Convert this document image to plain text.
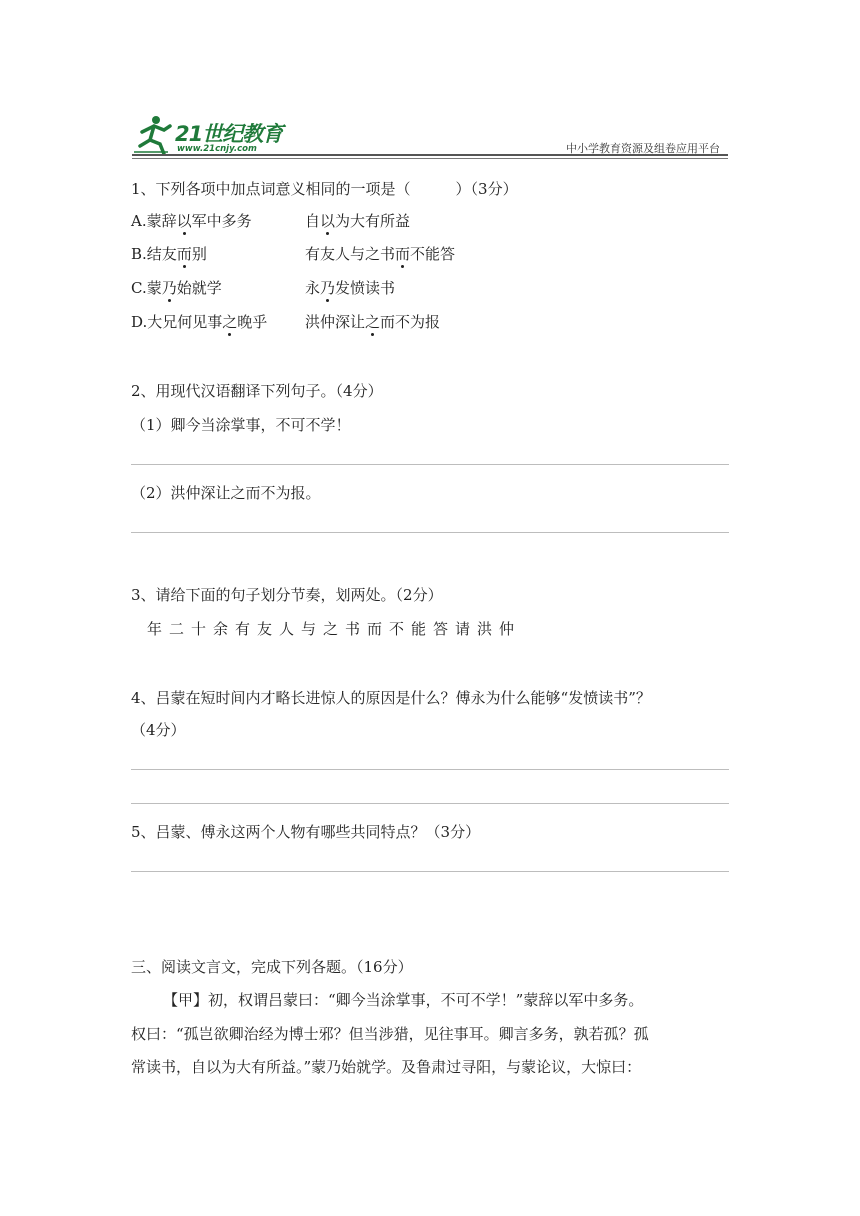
21世纪教育
www.21cnjy.com	中小学教育资源及组卷应用平台
1、下列各项中加点词意义相同的一项是（　　　）（3分）
A.蒙辞以军中多务	自以为大有所益
B.结友而别	有友人与之书而不能答
C.蒙乃始就学	永乃发愤读书
D.大兄何见事之晚乎	洪仲深让之而不为报
2、用现代汉语翻译下列句子。（4分）
（1）卿今当涂掌事，不可不学！
（2）洪仲深让之而不为报。
3、请给下面的句子划分节奏，划两处。（2分）
年二十余有友人与之书而不能答请洪仲
4、吕蒙在短时间内才略长进惊人的原因是什么？傅永为什么能够“发愤读书”？
（4分）
5、吕蒙、傅永这两个人物有哪些共同特点？（3分）
三、阅读文言文，完成下列各题。（16分）
【甲】初，权谓吕蒙曰：“卿今当涂掌事，不可不学！”蒙辞以军中多务。
权曰：“孤岂欲卿治经为博士邪？但当涉猎，见往事耳。卿言多务，孰若孤？孤
常读书，自以为大有所益。”蒙乃始就学。及鲁肃过寻阳，与蒙论议，大惊曰：
